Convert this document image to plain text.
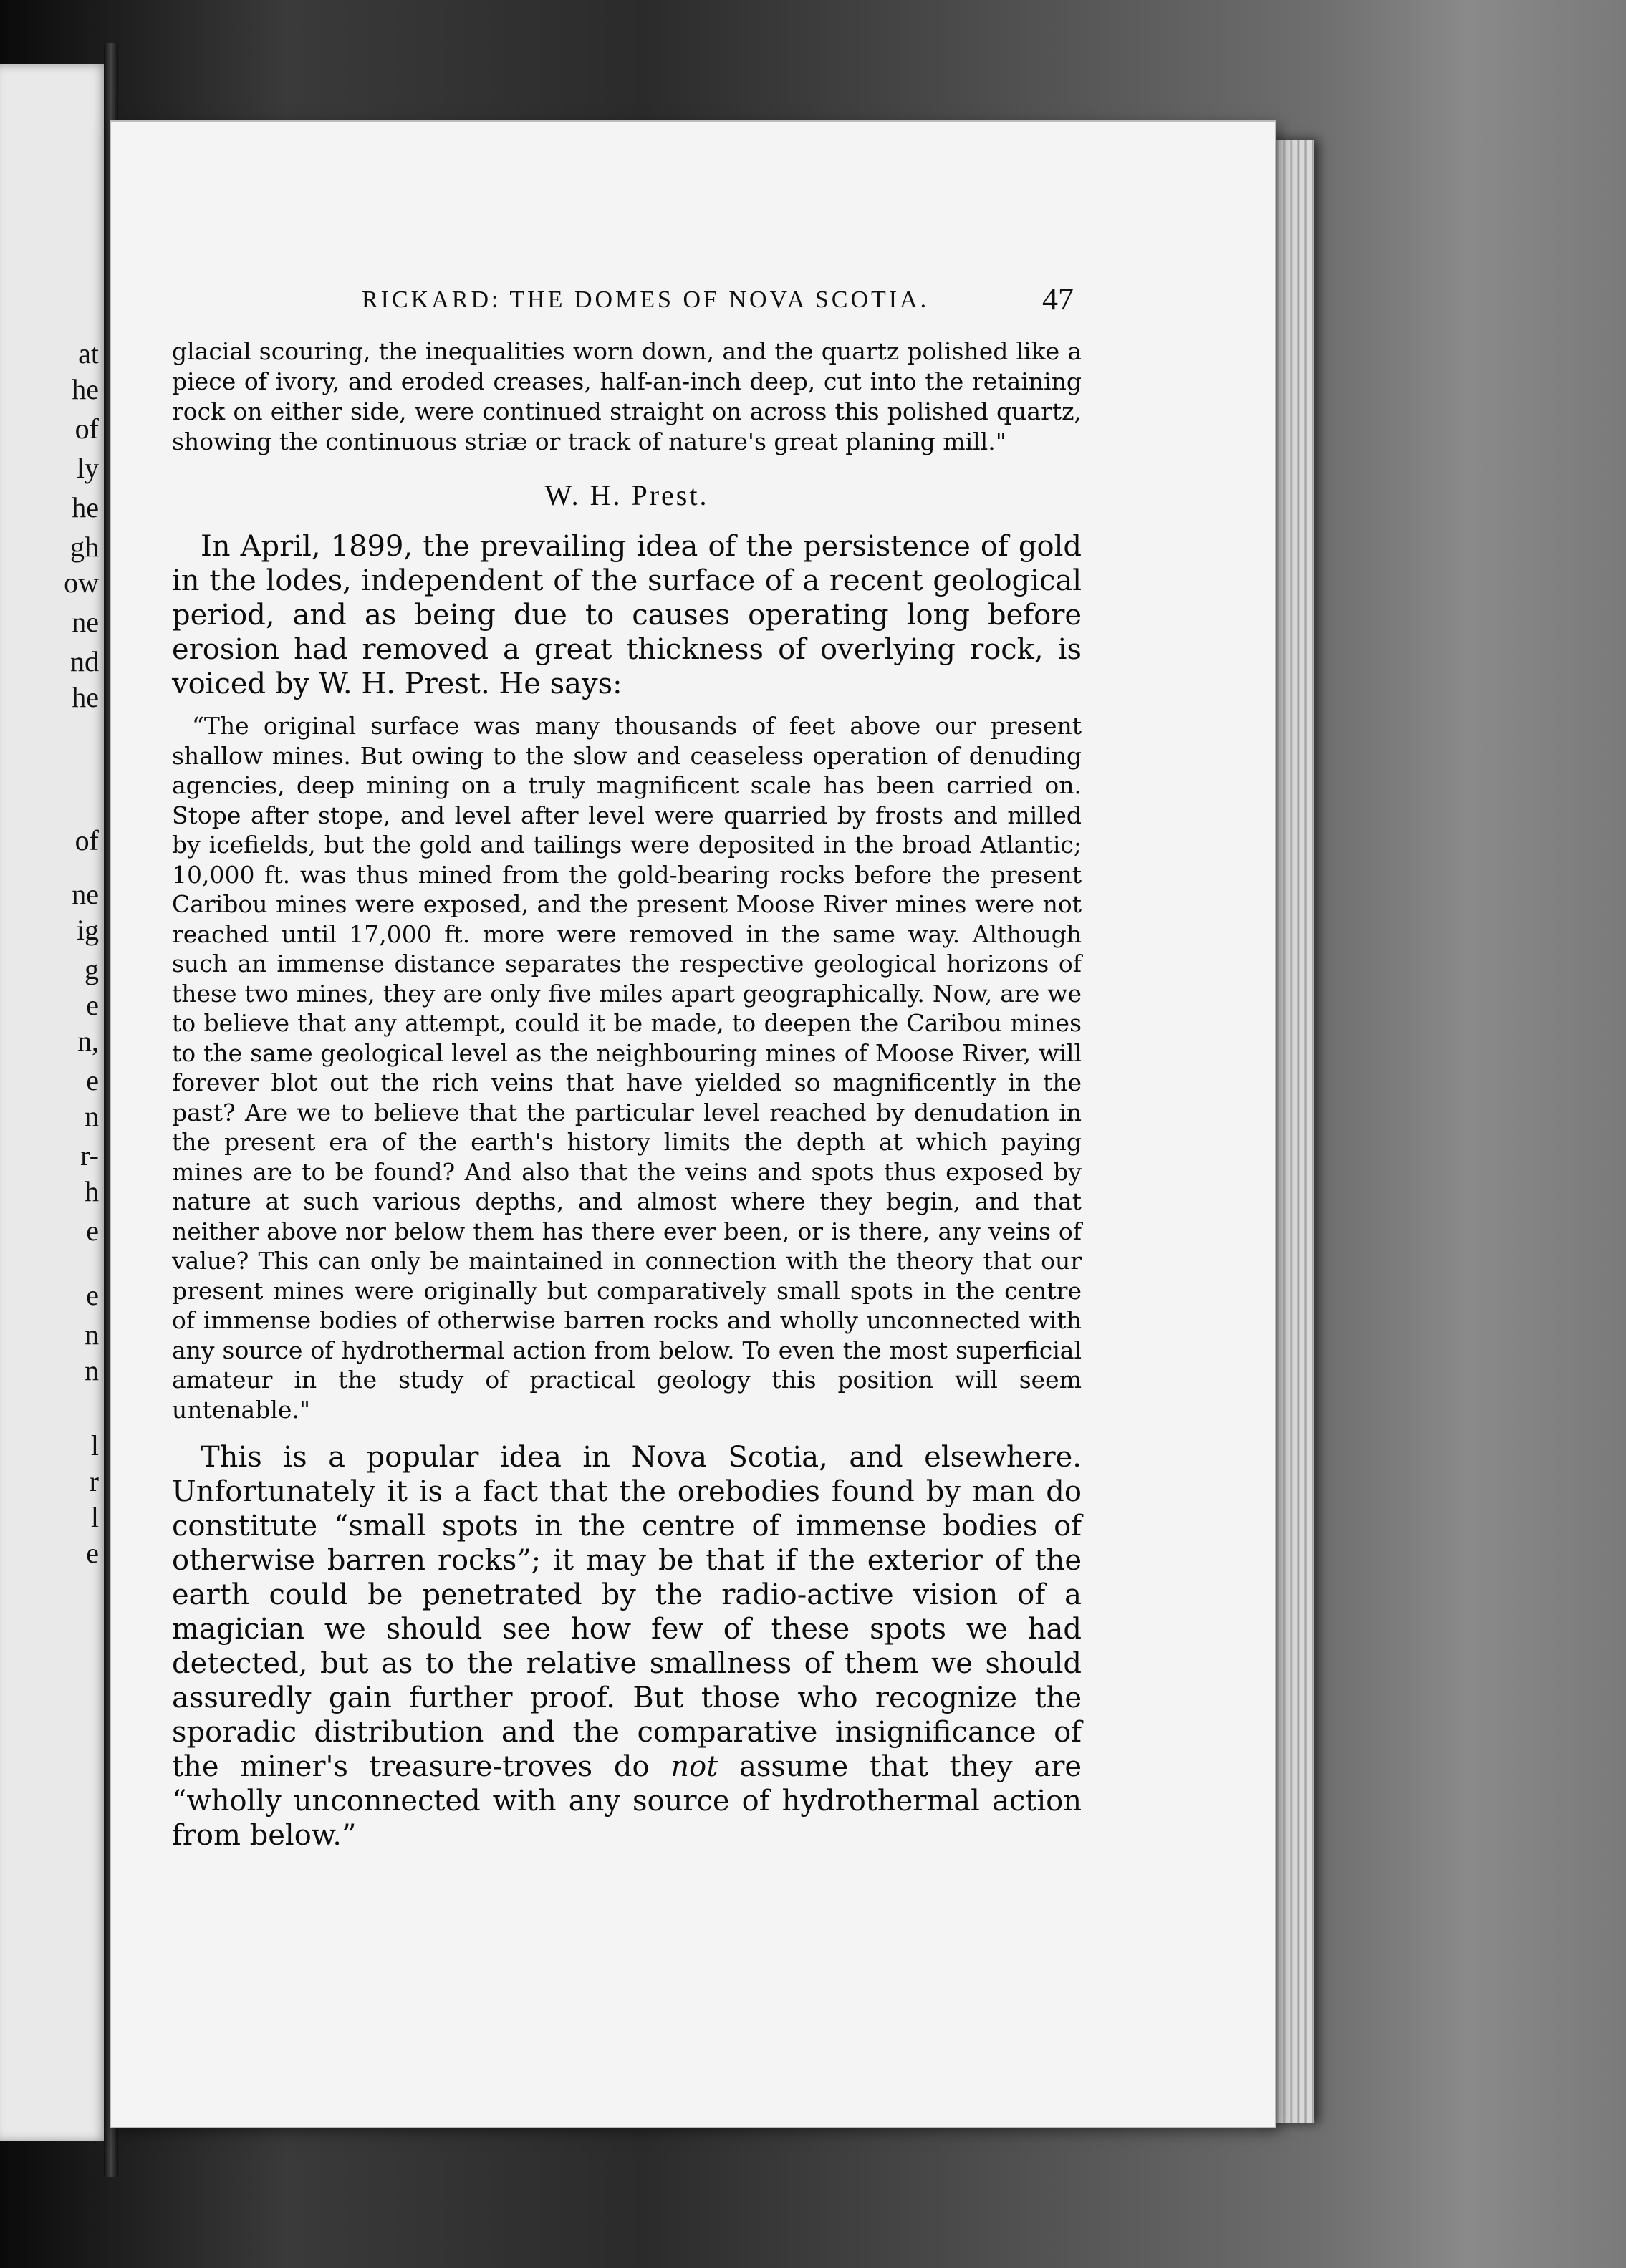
at
he
of
ly
he
gh
ow
ne
nd
he
of
ne
ig
g
e
n,
e
n
r-
h
e
e
n
n
l
r
l
e
RICKARD: THE DOMES OF NOVA SCOTIA.	47

glacial scouring, the inequalities worn down, and the quartz polished like a piece of ivory, and eroded creases, half-an-inch deep, cut into the retaining rock on either side, were continued straight on across this polished quartz, showing the continuous striæ or track of nature's great planing mill."

W. H. Prest.

In April, 1899, the prevailing idea of the persistence of gold in the lodes, independent of the surface of a recent geological period, and as being due to causes operating long before erosion had removed a great thickness of overlying rock, is voiced by W. H. Prest. He says:

“The original surface was many thousands of feet above our present shallow mines. But owing to the slow and ceaseless operation of denuding agencies, deep mining on a truly magnificent scale has been carried on. Stope after stope, and level after level were quarried by frosts and milled by icefields, but the gold and tailings were deposited in the broad Atlantic; 10,000 ft. was thus mined from the gold-bearing rocks before the present Caribou mines were exposed, and the present Moose River mines were not reached until 17,000 ft. more were removed in the same way. Although such an immense distance separates the respective geological horizons of these two mines, they are only five miles apart geographically. Now, are we to believe that any attempt, could it be made, to deepen the Caribou mines to the same geological level as the neighbouring mines of Moose River, will forever blot out the rich veins that have yielded so magnificently in the past? Are we to believe that the particular level reached by denudation in the present era of the earth's history limits the depth at which paying mines are to be found? And also that the veins and spots thus exposed by nature at such various depths, and almost where they begin, and that neither above nor below them has there ever been, or is there, any veins of value? This can only be maintained in connection with the theory that our present mines were originally but comparatively small spots in the centre of immense bodies of otherwise barren rocks and wholly unconnected with any source of hydrothermal action from below. To even the most superficial amateur in the study of practical geology this position will seem untenable."

This is a popular idea in Nova Scotia, and elsewhere. Unfortunately it is a fact that the orebodies found by man do constitute “small spots in the centre of immense bodies of otherwise barren rocks”; it may be that if the exterior of the earth could be penetrated by the radio-active vision of a magician we should see how few of these spots we had detected, but as to the relative smallness of them we should assuredly gain further proof. But those who recognize the sporadic distribution and the comparative insignificance of the miner's treasure-troves do not assume that they are “wholly unconnected with any source of hydrothermal action from below.”
